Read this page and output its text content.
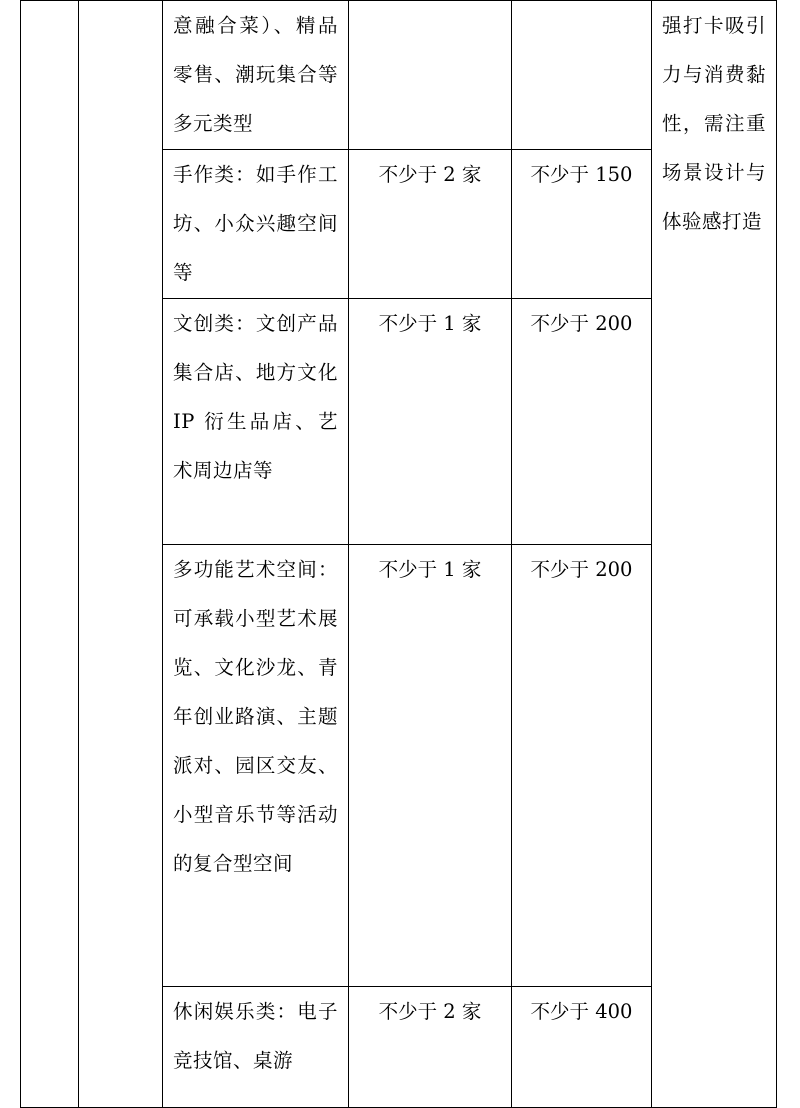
		意融合菜）、精品零售、潮玩集合等多元类型			强打卡吸引力与消费黏性，需注重场景设计与体验感打造

		手作类：如手作工坊、小众兴趣空间等	不少于 2 家	不少于 150	

		文创类：文创产品集合店、地方文化 IP 衍生品店、艺术周边店等	不少于 1 家	不少于 200	

		多功能艺术空间：可承载小型艺术展览、文化沙龙、青年创业路演、主题派对、园区交友、小型音乐节等活动的复合型空间	不少于 1 家	不少于 200	

		休闲娱乐类：电子竞技馆、桌游	不少于 2 家	不少于 400	
